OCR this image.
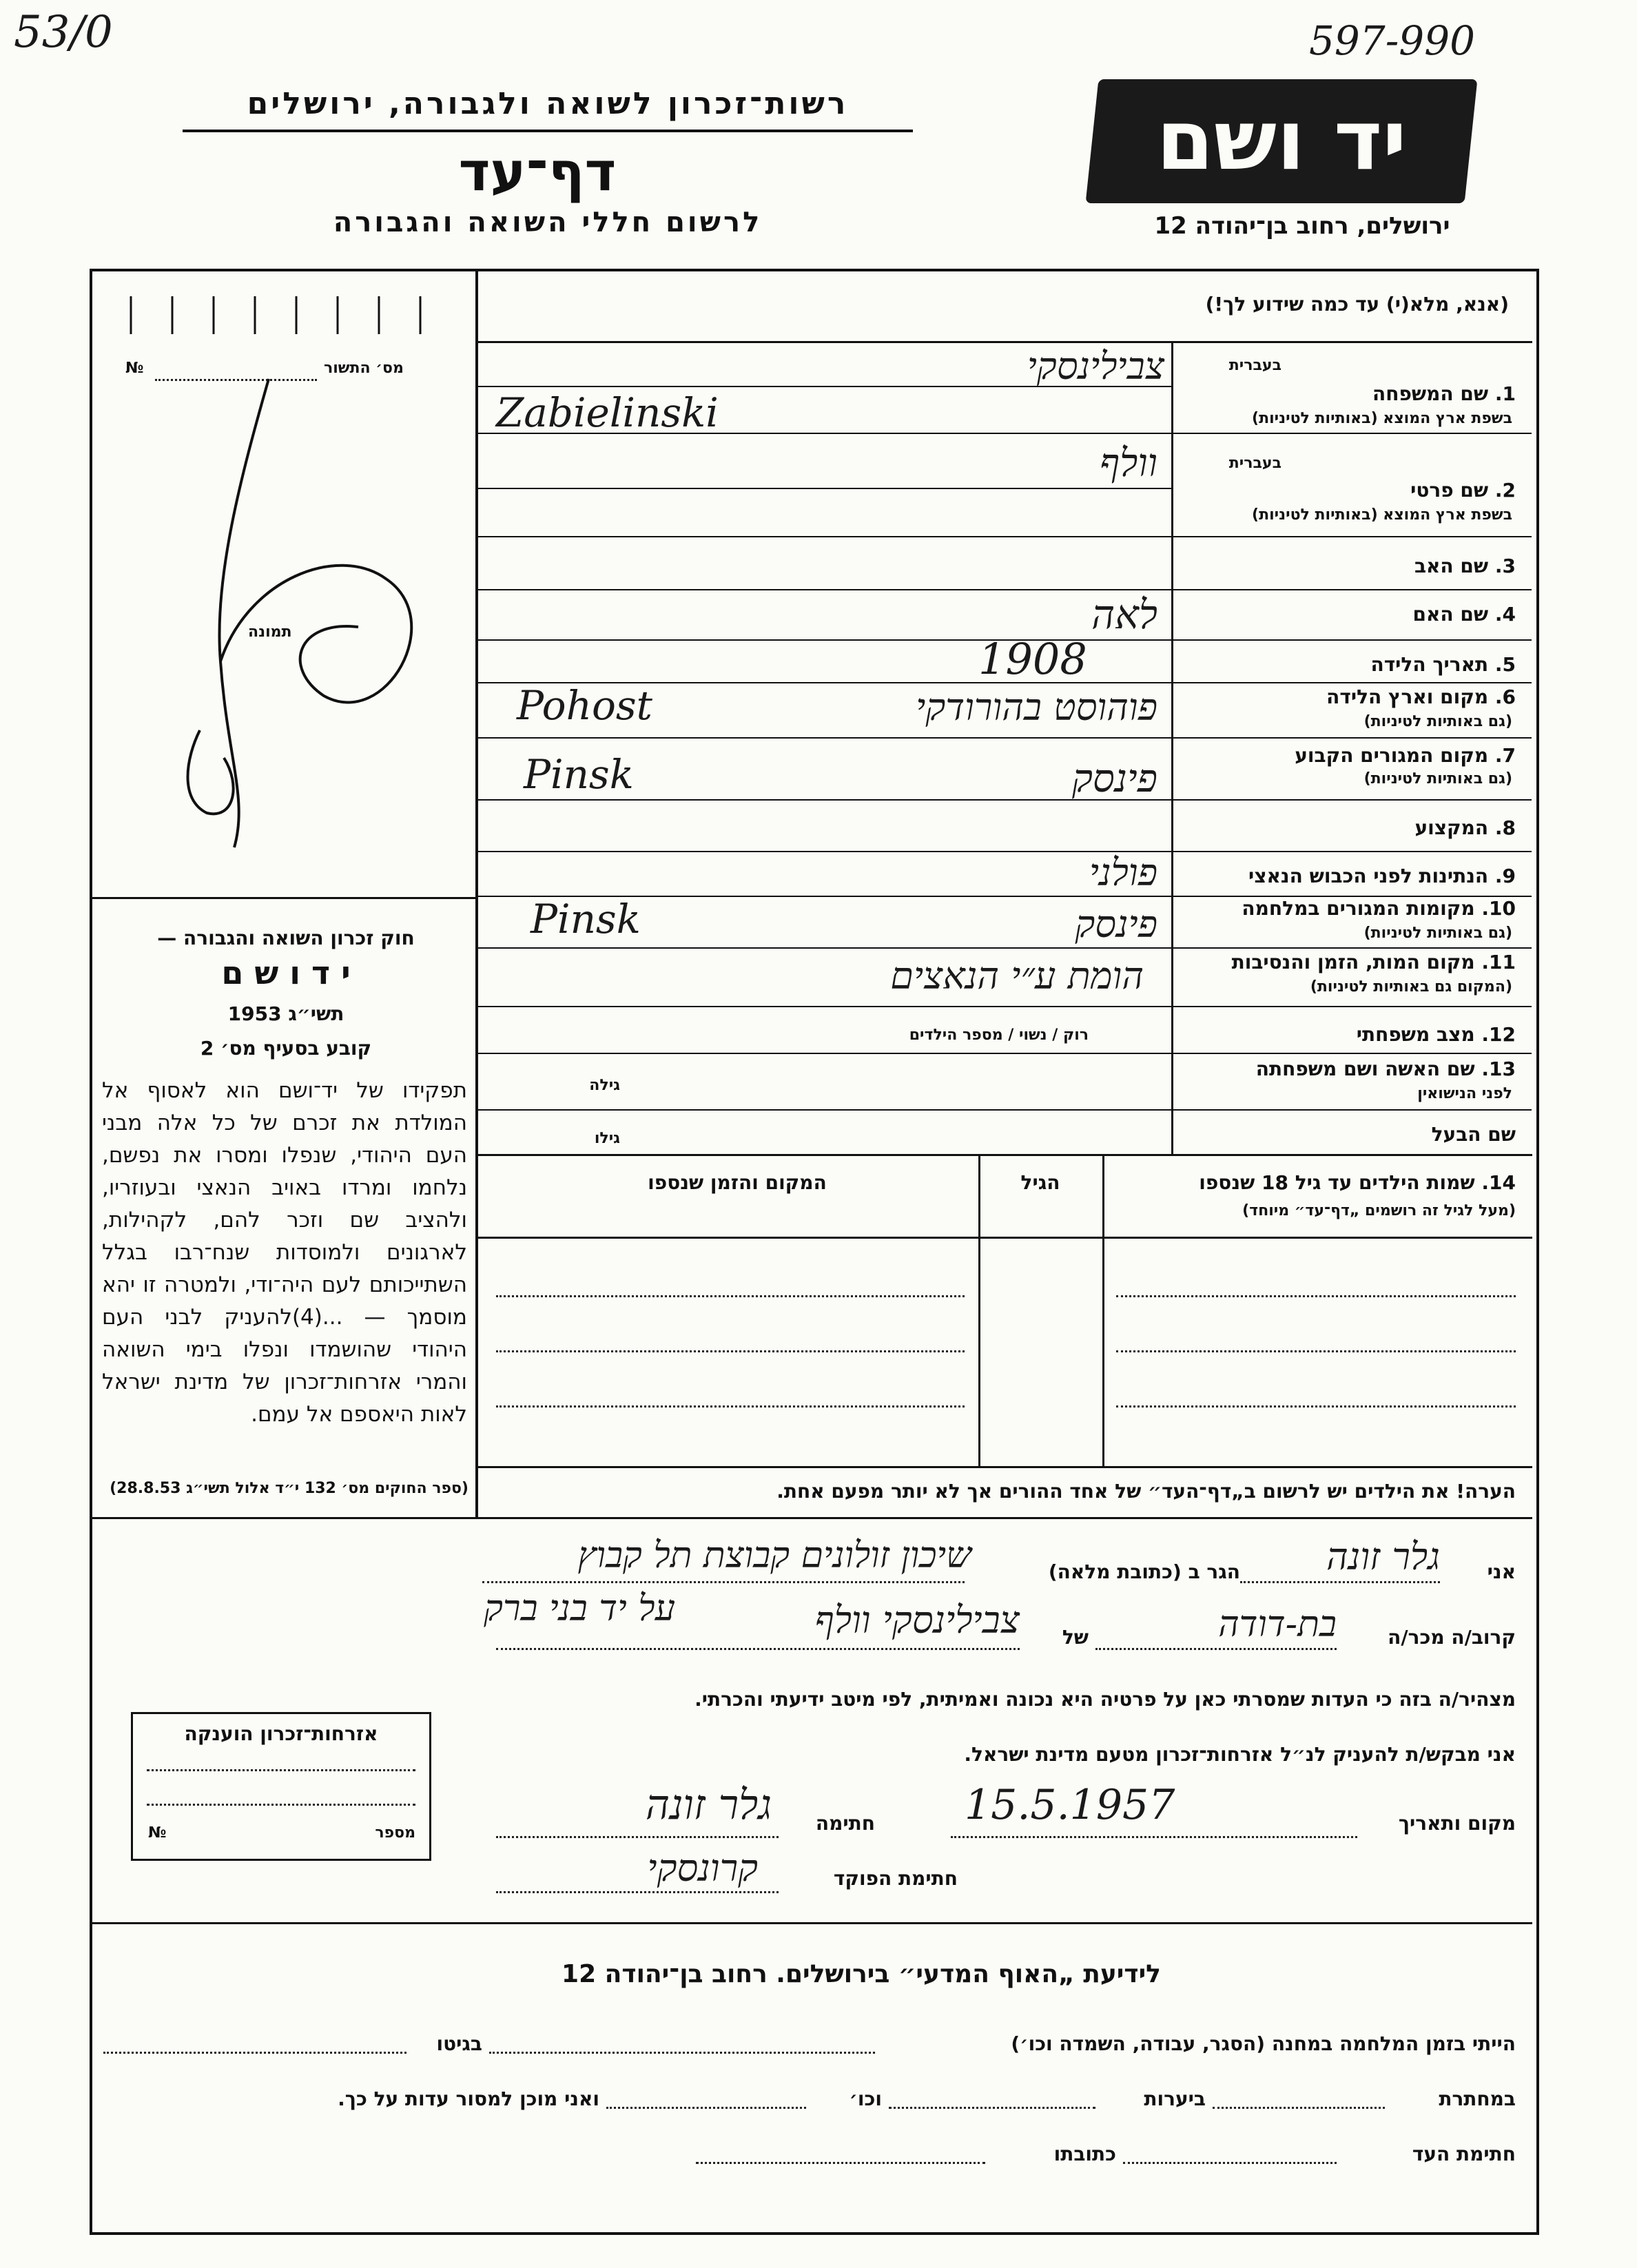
53/0	597-990
רשות־זכרון לשואה ולגבורה, ירושלים
דף־עד
לרשום חללי השואה והגבורה
יד ושם
ירושלים, רחוב בן־יהודה 12
מס׳ התשור
№
תמונה
(אנא, מלא(י) עד כמה שידוע לך!)
בעברית
1. שם המשפחה
בשפת ארץ המוצא (באותיות לטיניות)
בעברית
2. שם פרטי
בשפת ארץ המוצא (באותיות לטיניות)
3. שם האב
4. שם האם
5. תאריך הלידה
6. מקום וארץ הלידה
(גם באותיות לטיניות)
7. מקום המגורים הקבוע
(גם באותיות לטיניות)
8. המקצוע
9. הנתינות לפני הכבוש הנאצי
10. מקומות המגורים במלחמה
(גם באותיות לטיניות)
11. מקום המות, הזמן והנסיבות
(המקום גם באותיות לטיניות)
12. מצב משפחתי
13. שם האשה ושם משפחתה
לפני הנישואין
שם הבעל
צבילינסקי
Zabielinski
וולף
לאה
1908
פוהוסט בהורודקי
Pohost
פינסק
Pinsk
פולני
פינסק
Pinsk
הומת ע״י הנאצים
רוק / נשוי / מספר הילדים
גילה
גילו
14. שמות הילדים עד גיל 18 שנספו
(מעל לגיל זה רושמים „דף־עד״ מיוחד)
הגיל
המקום והזמן שנספו
הערה! את הילדים יש לרשום ב„דף־העד״ של אחד ההורים אך לא יותר מפעם אחת.
חוק זכרון השואה והגבורה —
י ד ו ש ם
תשי״ג 1953
קובע בסעיף מס׳ 2
תפקידו של יד־ושם הוא לאסוף אל המולדת את זכרם של כל אלה מבני העם היהודי, שנפלו ומסרו את נפשם, נלחמו ומרדו באויב הנאצי ובעוזריו, ולהציב שם וזכר להם, לקהילות, לארגונים ולמוסדות שנח־רבו בגלל השתייכותם לעם היה־ודי, ולמטרה זו יהא מוסמך — ...(4)להעניק לבני העם היהודי שהושמדו ונפלו בימי השואה והמרי אזרחות־זכרון של מדינת ישראל לאות היאספם אל עמם.
(ספר החוקים מס׳ 132 י״ד אלול תשי״ג 28.8.53)
אני
גלר זונה
הגר ב (כתובת מלאה)
שיכון זולונים קבוצת תל קבוץ
על יד בני ברק
קרוב/ה מכר/ה
בת-דודה
של
צבילינסקי וולף
מצהיר/ה בזה כי העדות שמסרתי כאן על פרטיה היא נכונה ואמיתית, לפי מיטב ידיעתי והכרתי.
אני מבקש/ת להעניק לנ״ל אזרחות־זכרון מטעם מדינת ישראל.
מקום ותאריך
15.5.1957
חתימה
גלר זונה
חתימת הפוקד
קרונסקי
אזרחות־זכרון הוענקה
№	מספר
לידיעת „האוף המדעי״ בירושלים. רחוב בן־יהודה 12
הייתי בזמן המלחמה במחנה (הסגר, עבודה, השמדה וכו׳)
בגיטו
במחתרת
ביערות
וכו׳
ואני מוכן למסור עדות על כך.
חתימת העד
כתובתו
